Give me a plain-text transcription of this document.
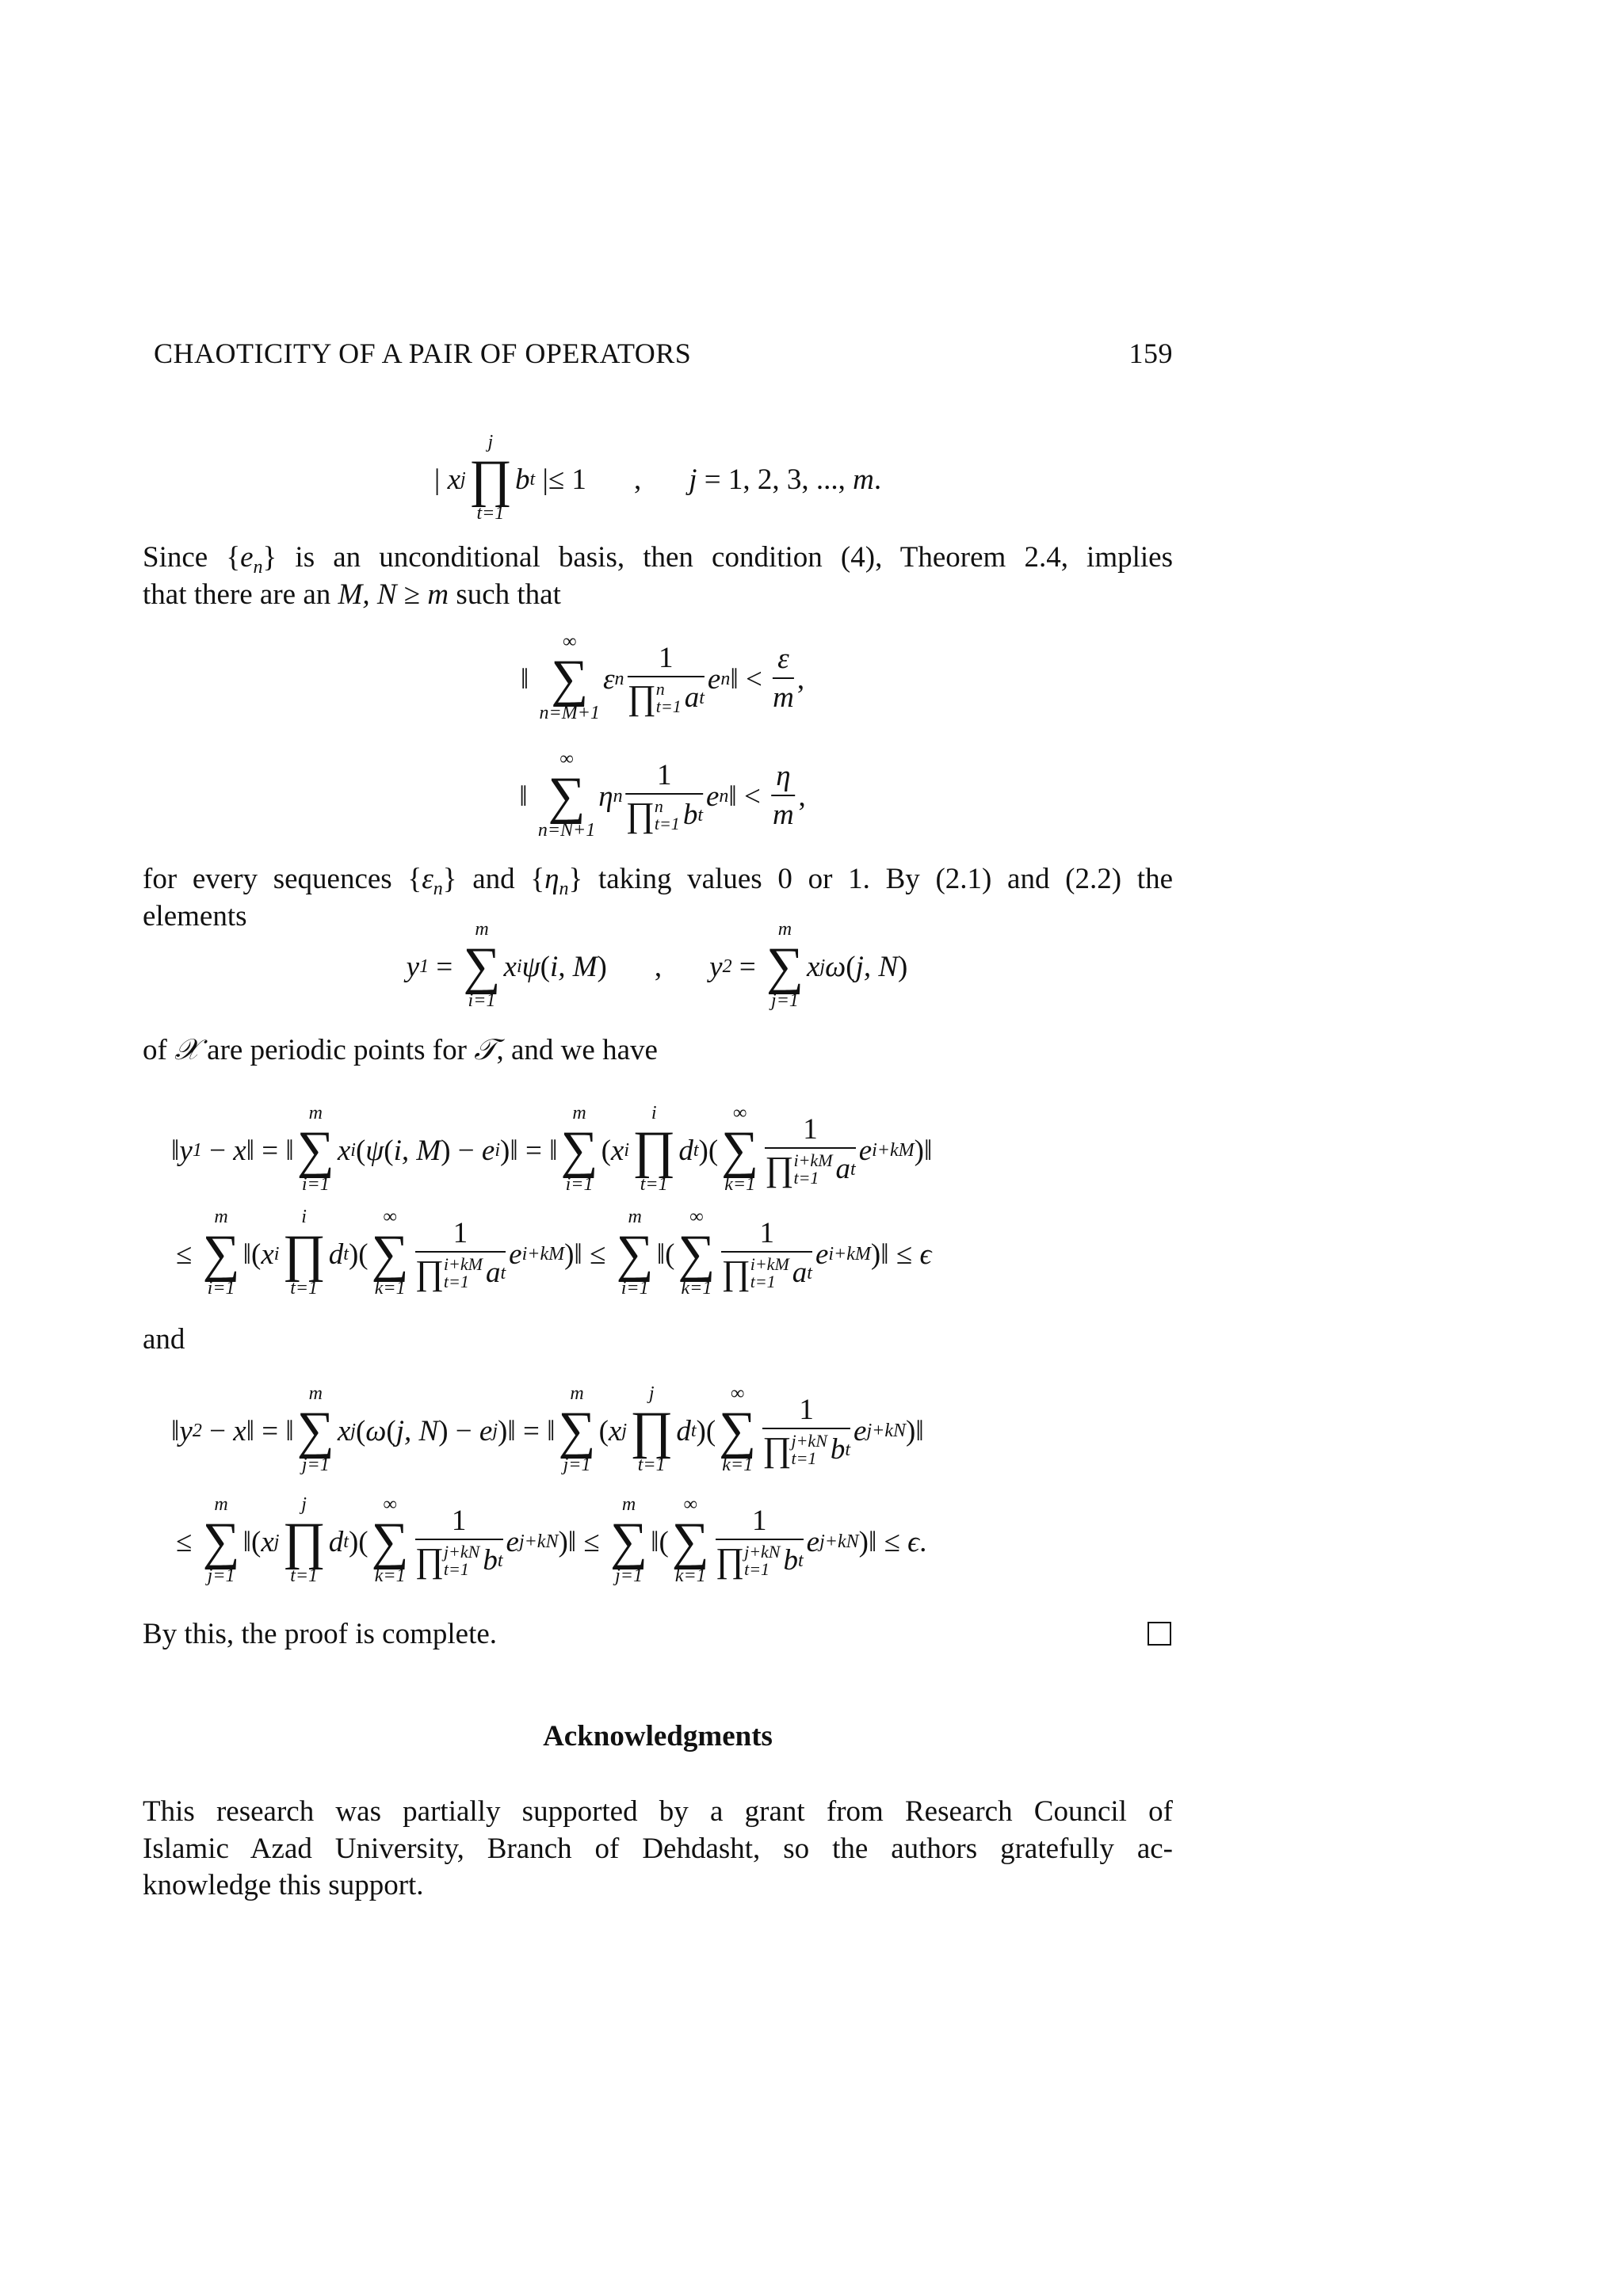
CHAOTICITY OF A PAIR OF OPERATORS	159
| x j
j
∏
t=1
b t |≤ 1 , j = 1, 2, 3, ..., m .
Since $\{e_n\}$ is an unconditional basis, then condition (4), Theorem 2.4, implies
that there are an M, N ≥ m such that
‖
∞
∑
n=M+1
ε n 1
∏ n
t=1 a t e n ‖ < $\frac{\varepsilon}{m}$ ,
‖
∞
∑
n=N+1
η n 1
∏ n
t=1 b t e n ‖ < $\frac{\eta}{m}$ ,
for every sequences $\{\varepsilon_n\}$ and $\{\eta_n\}$ taking values 0 or 1. By (2.1) and (2.2) the
elements
y 1 =
m
∑
i=1
x i ψ ( i, M ) , y 2 =
m
∑
j=1
x j ω ( j, N )
of 𝒳 are periodic points for 𝒯, and we have
‖ y 1 − x ‖ = ‖
m
∑
i=1
x i ( ψ ( i, M ) − e i )‖ = ‖
m
∑
i=1
( x i
i
∏
t=1
d t )(
∞
∑
k=1 1
∏ i+kM
t=1 a t e i+kM )‖
≤
m
∑
i=1
‖( x i
i
∏
t=1
d t )(
∞
∑
k=1 1
∏ i+kM
t=1 a t e i+kM )‖ ≤
m
∑
i=1
‖(
∞
∑
k=1 1
∏ i+kM
t=1 a t e i+kM )‖ ≤ ϵ
and
‖ y 2 − x ‖ = ‖
m
∑
j=1
x j ( ω ( j, N ) − e j )‖ = ‖
m
∑
j=1
( x j
j
∏
t=1
d t )(
∞
∑
k=1 1
∏ j+kN
t=1 b t e j+kN )‖
≤
m
∑
j=1
‖( x j
j
∏
t=1
d t )(
∞
∑
k=1 1
∏ j+kN
t=1 b t e j+kN )‖ ≤
m
∑
j=1
‖(
∞
∑
k=1 1
∏ j+kN
t=1 b t e j+kN )‖ ≤ ϵ .
By this, the proof is complete.
Acknowledgments
This research was partially supported by a grant from Research Council of
Islamic Azad University, Branch of Dehdasht, so the authors gratefully ac-
knowledge this support.
